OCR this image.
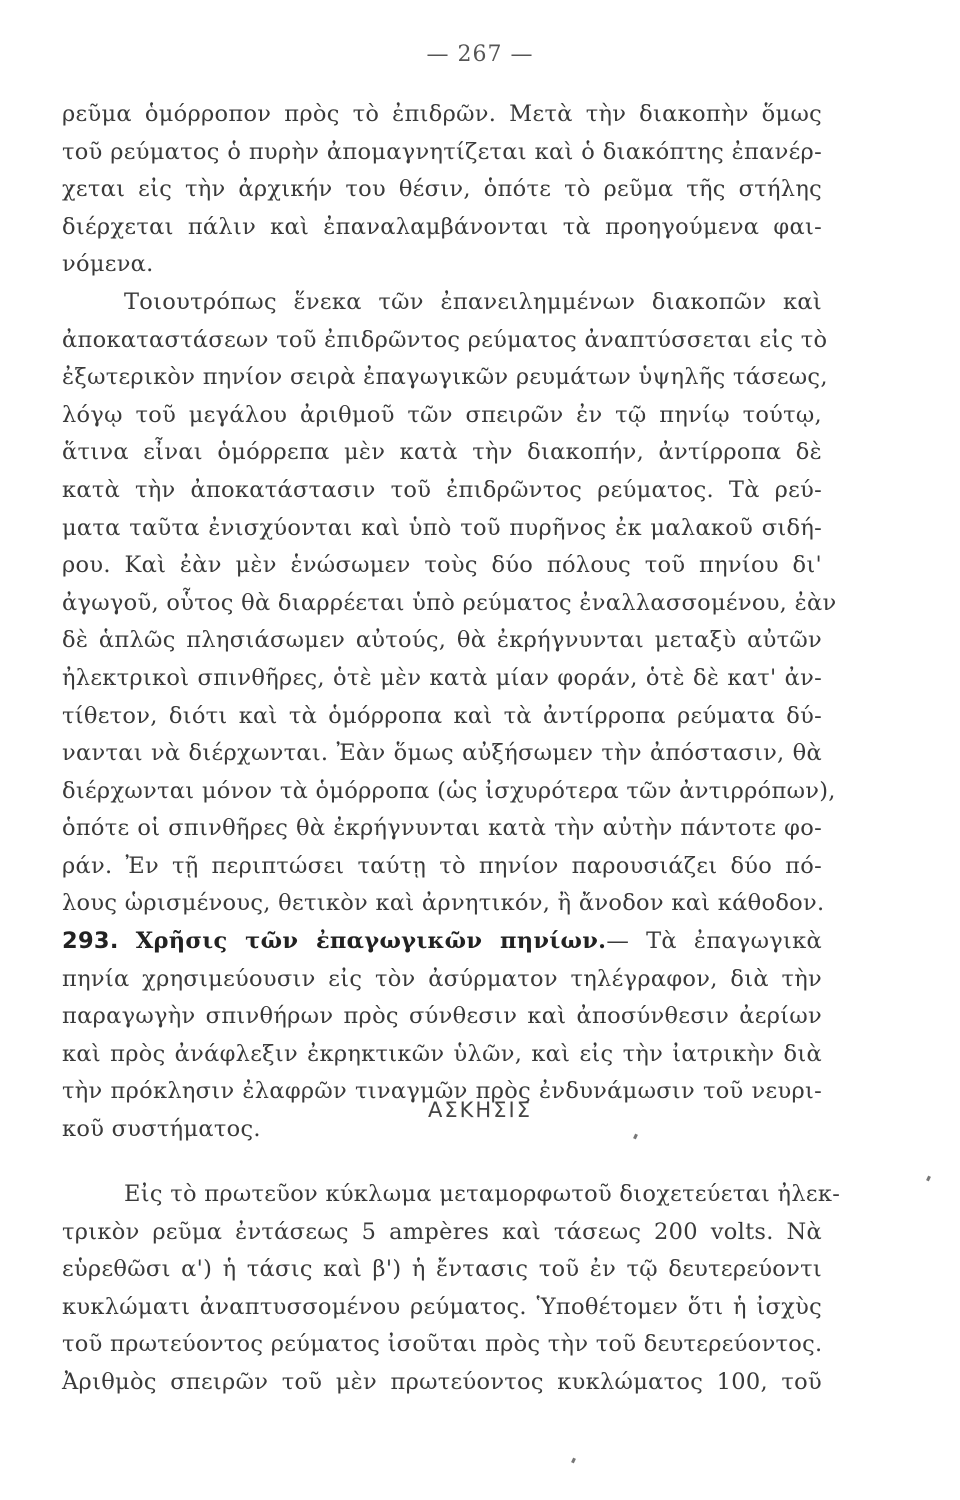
— 267 —
ρεῦμα ὁμόρροπον πρὸς τὸ ἐπιδρῶν. Μετὰ τὴν διακοπὴν ὅμως
τοῦ ρεύματος ὁ πυρὴν ἀπομαγνητίζεται καὶ ὁ διακόπτης ἐπανέρ-
χεται εἰς τὴν ἀρχικήν του θέσιν, ὁπότε τὸ ρεῦμα τῆς στήλης
διέρχεται πάλιν καὶ ἐπαναλαμβάνονται τὰ προηγούμενα φαι-
νόμενα.
Τοιουτρόπως ἕνεκα τῶν ἐπανειλημμένων διακοπῶν καὶ
ἀποκαταστάσεων τοῦ ἐπιδρῶντος ρεύματος ἀναπτύσσεται εἰς τὸ
ἐξωτερικὸν πηνίον σειρὰ ἐπαγωγικῶν ρευμάτων ὑψηλῆς τάσεως,
λόγῳ τοῦ μεγάλου ἀριθμοῦ τῶν σπειρῶν ἐν τῷ πηνίῳ τούτῳ,
ἅτινα εἶναι ὁμόρρεπα μὲν κατὰ τὴν διακοπήν, ἀντίρροπα δὲ
κατὰ τὴν ἀποκατάστασιν τοῦ ἐπιδρῶντος ρεύματος. Τὰ ρεύ-
ματα ταῦτα ἐνισχύονται καὶ ὑπὸ τοῦ πυρῆνος ἐκ μαλακοῦ σιδή-
ρου. Καὶ ἐὰν μὲν ἑνώσωμεν τοὺς δύο πόλους τοῦ πηνίου δι'
ἀγωγοῦ, οὗτος θὰ διαρρέεται ὑπὸ ρεύματος ἐναλλασσομένου, ἐὰν
δὲ ἁπλῶς πλησιάσωμεν αὐτούς, θὰ ἐκρήγνυνται μεταξὺ αὐτῶν
ἠλεκτρικοὶ σπινθῆρες, ὁτὲ μὲν κατὰ μίαν φοράν, ὁτὲ δὲ κατ' ἀν-
τίθετον, διότι καὶ τὰ ὁμόρροπα καὶ τὰ ἀντίρροπα ρεύματα δύ-
νανται νὰ διέρχωνται. Ἐὰν ὅμως αὐξήσωμεν τὴν ἀπόστασιν, θὰ
διέρχωνται μόνον τὰ ὁμόρροπα (ὡς ἰσχυρότερα τῶν ἀντιρρόπων),
ὁπότε οἱ σπινθῆρες θὰ ἐκρήγνυνται κατὰ τὴν αὐτὴν πάντοτε φο-
ράν. Ἐν τῇ περιπτώσει ταύτῃ τὸ πηνίον παρουσιάζει δύο πό-
λους ὡρισμένους, θετικὸν καὶ ἀρνητικόν, ἢ ἄνοδον καὶ κάθοδον.
293. Χρῆσις τῶν ἐπαγωγικῶν πηνίων.— Τὰ ἐπαγωγικὰ
πηνία χρησιμεύουσιν εἰς τὸν ἀσύρματον τηλέγραφον, διὰ τὴν
παραγωγὴν σπινθήρων πρὸς σύνθεσιν καὶ ἀποσύνθεσιν ἀερίων
καὶ πρὸς ἀνάφλεξιν ἐκρηκτικῶν ὑλῶν, καὶ εἰς τὴν ἰατρικὴν διὰ
τὴν πρόκλησιν ἐλαφρῶν τιναγμῶν πρὸς ἐνδυνάμωσιν τοῦ νευρι-
κοῦ συστήματος.
ΑΣΚΗΣΙΣ
Εἰς τὸ πρωτεῦον κύκλωμα μεταμορφωτοῦ διοχετεύεται ἠλεκ-
τρικὸν ρεῦμα ἐντάσεως 5 ampères καὶ τάσεως 200 volts. Νὰ
εὑρεθῶσι α') ἡ τάσις καὶ β') ἡ ἔντασις τοῦ ἐν τῷ δευτερεύοντι
κυκλώματι ἀναπτυσσομένου ρεύματος. Ὑποθέτομεν ὅτι ἡ ἰσχὺς
τοῦ πρωτεύοντος ρεύματος ἰσοῦται πρὸς τὴν τοῦ δευτερεύοντος.
Ἀριθμὸς σπειρῶν τοῦ μὲν πρωτεύοντος κυκλώματος 100, τοῦ
